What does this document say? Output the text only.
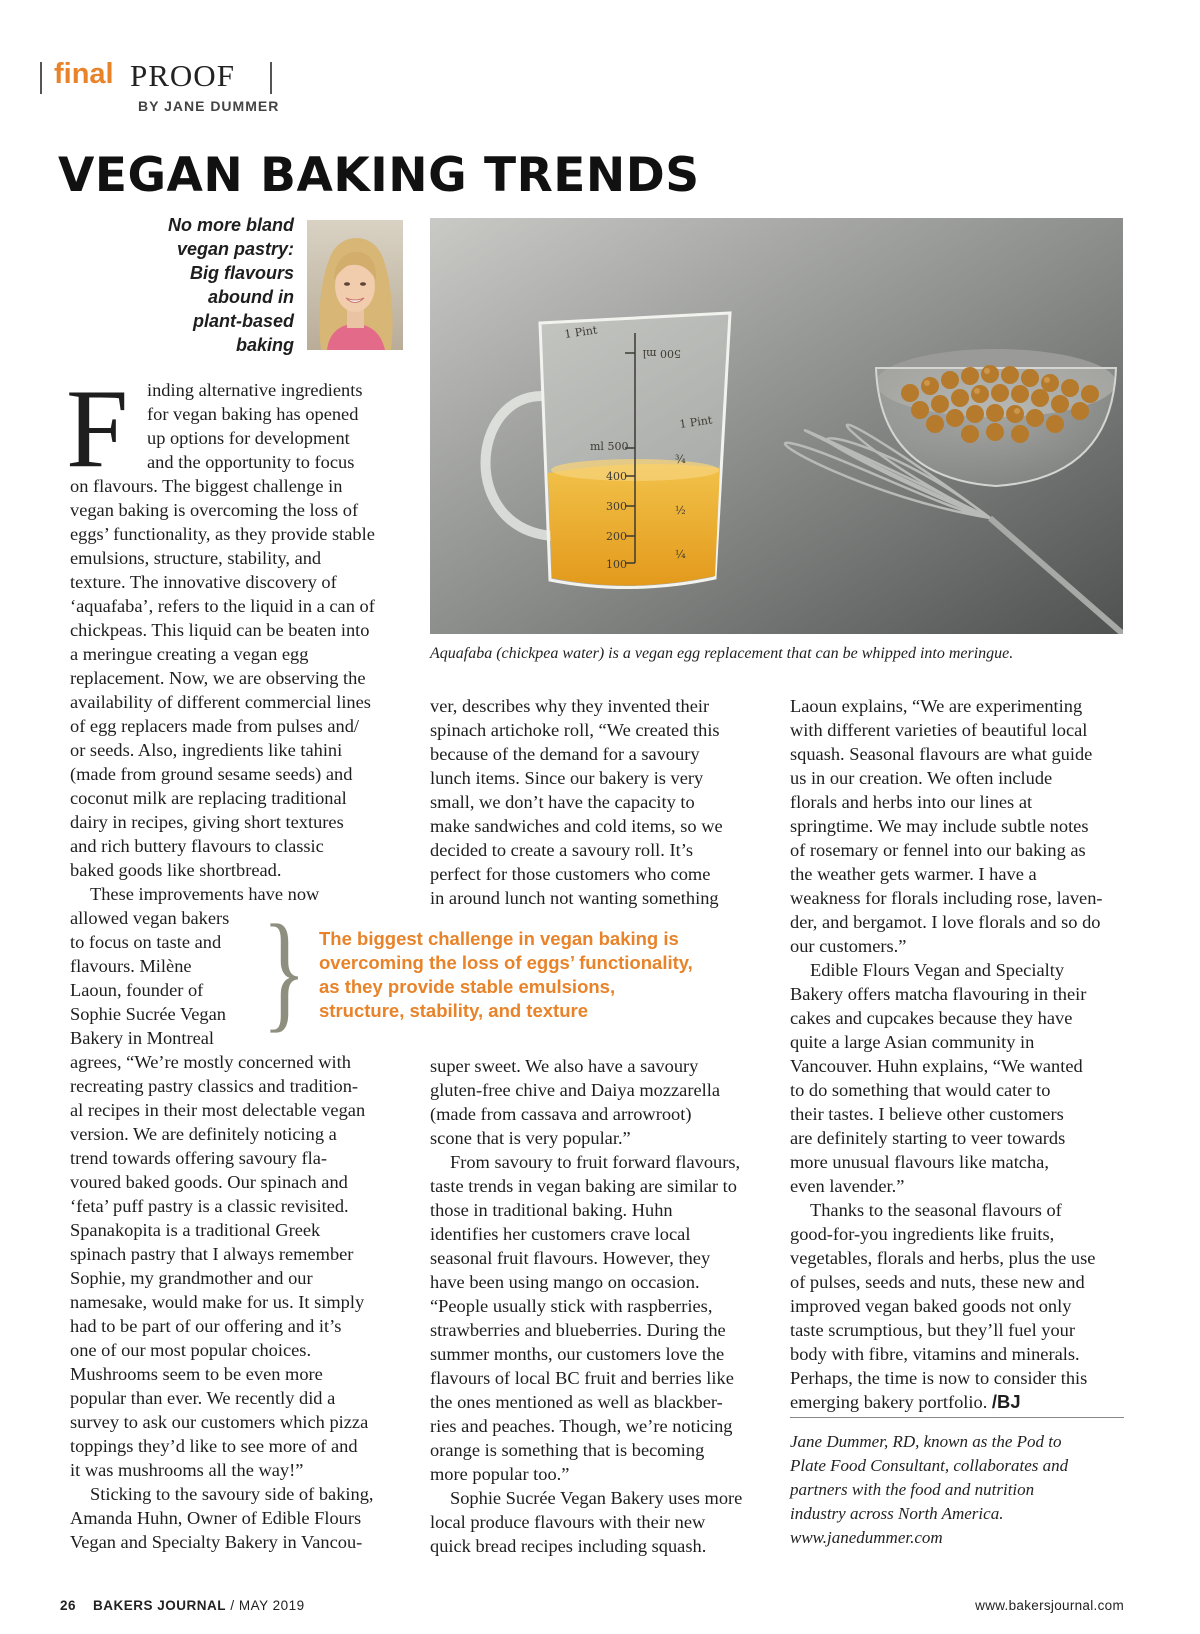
final PROOF
BY JANE DUMMER
VEGAN BAKING TRENDS
No more bland
vegan pastry:
Big flavours
abound in
plant-based
baking
1 Pint
ml 500
400
300
200
100
1 Pint
500 ml
¾
½
¼
Aquafaba (chickpea water) is a vegan egg replacement that can be whipped into meringue.
F	inding alternative ingredients
for vegan baking has opened
up options for development
and the opportunity to focus
on flavours. The biggest challenge in
vegan baking is overcoming the loss of
eggs’ functionality, as they provide stable
emulsions, structure, stability, and
texture. The innovative discovery of
‘aquafaba’, refers to the liquid in a can of
chickpeas. This liquid can be beaten into
a meringue creating a vegan egg
replacement. Now, we are observing the
availability of different commercial lines
of egg replacers made from pulses and/
or seeds. Also, ingredients like tahini
(made from ground sesame seeds) and
coconut milk are replacing traditional
dairy in recipes, giving short textures
and rich buttery flavours to classic
baked goods like shortbread.
These improvements have now
allowed vegan bakers
to focus on taste and
flavours. Milène
Laoun, founder of
Sophie Sucrée Vegan
Bakery in Montreal
agrees, “We’re mostly concerned with
recreating pastry classics and tradition-
al recipes in their most delectable vegan
version. We are definitely noticing a
trend towards offering savoury fla-
voured baked goods. Our spinach and
‘feta’ puff pastry is a classic revisited.
Spanakopita is a traditional Greek
spinach pastry that I always remember
Sophie, my grandmother and our
namesake, would make for us. It simply
had to be part of our offering and it’s
one of our most popular choices.
Mushrooms seem to be even more
popular than ever. We recently did a
survey to ask our customers which pizza
toppings they’d like to see more of and
it was mushrooms all the way!”
Sticking to the savoury side of baking,
Amanda Huhn, Owner of Edible Flours
Vegan and Specialty Bakery in Vancou-
ver, describes why they invented their
spinach artichoke roll, “We created this
because of the demand for a savoury
lunch items. Since our bakery is very
small, we don’t have the capacity to
make sandwiches and cold items, so we
decided to create a savoury roll. It’s
perfect for those customers who come
in around lunch not wanting something
} The biggest challenge in vegan baking is
overcoming the loss of eggs’ functionality,
as they provide stable emulsions,
structure, stability, and texture
super sweet. We also have a savoury
gluten-free chive and Daiya mozzarella
(made from cassava and arrowroot)
scone that is very popular.”
From savoury to fruit forward flavours,
taste trends in vegan baking are similar to
those in traditional baking. Huhn
identifies her customers crave local
seasonal fruit flavours. However, they
have been using mango on occasion.
“People usually stick with raspberries,
strawberries and blueberries. During the
summer months, our customers love the
flavours of local BC fruit and berries like
the ones mentioned as well as blackber-
ries and peaches. Though, we’re noticing
orange is something that is becoming
more popular too.”
Sophie Sucrée Vegan Bakery uses more
local produce flavours with their new
quick bread recipes including squash.
Laoun explains, “We are experimenting
with different varieties of beautiful local
squash. Seasonal flavours are what guide
us in our creation. We often include
florals and herbs into our lines at
springtime. We may include subtle notes
of rosemary or fennel into our baking as
the weather gets warmer. I have a
weakness for florals including rose, laven-
der, and bergamot. I love florals and so do
our customers.”
Edible Flours Vegan and Specialty
Bakery offers matcha flavouring in their
cakes and cupcakes because they have
quite a large Asian community in
Vancouver. Huhn explains, “We wanted
to do something that would cater to
their tastes. I believe other customers
are definitely starting to veer towards
more unusual flavours like matcha,
even lavender.”
Thanks to the seasonal flavours of
good-for-you ingredients like fruits,
vegetables, florals and herbs, plus the use
of pulses, seeds and nuts, these new and
improved vegan baked goods not only
taste scrumptious, but they’ll fuel your
body with fibre, vitamins and minerals.
Perhaps, the time is now to consider this
emerging bakery portfolio. /BJ
Jane Dummer, RD, known as the Pod to
Plate Food Consultant, collaborates and
partners with the food and nutrition
industry across North America.
www.janedummer.com
26 BAKERS JOURNAL / MAY 2019	www.bakersjournal.com
